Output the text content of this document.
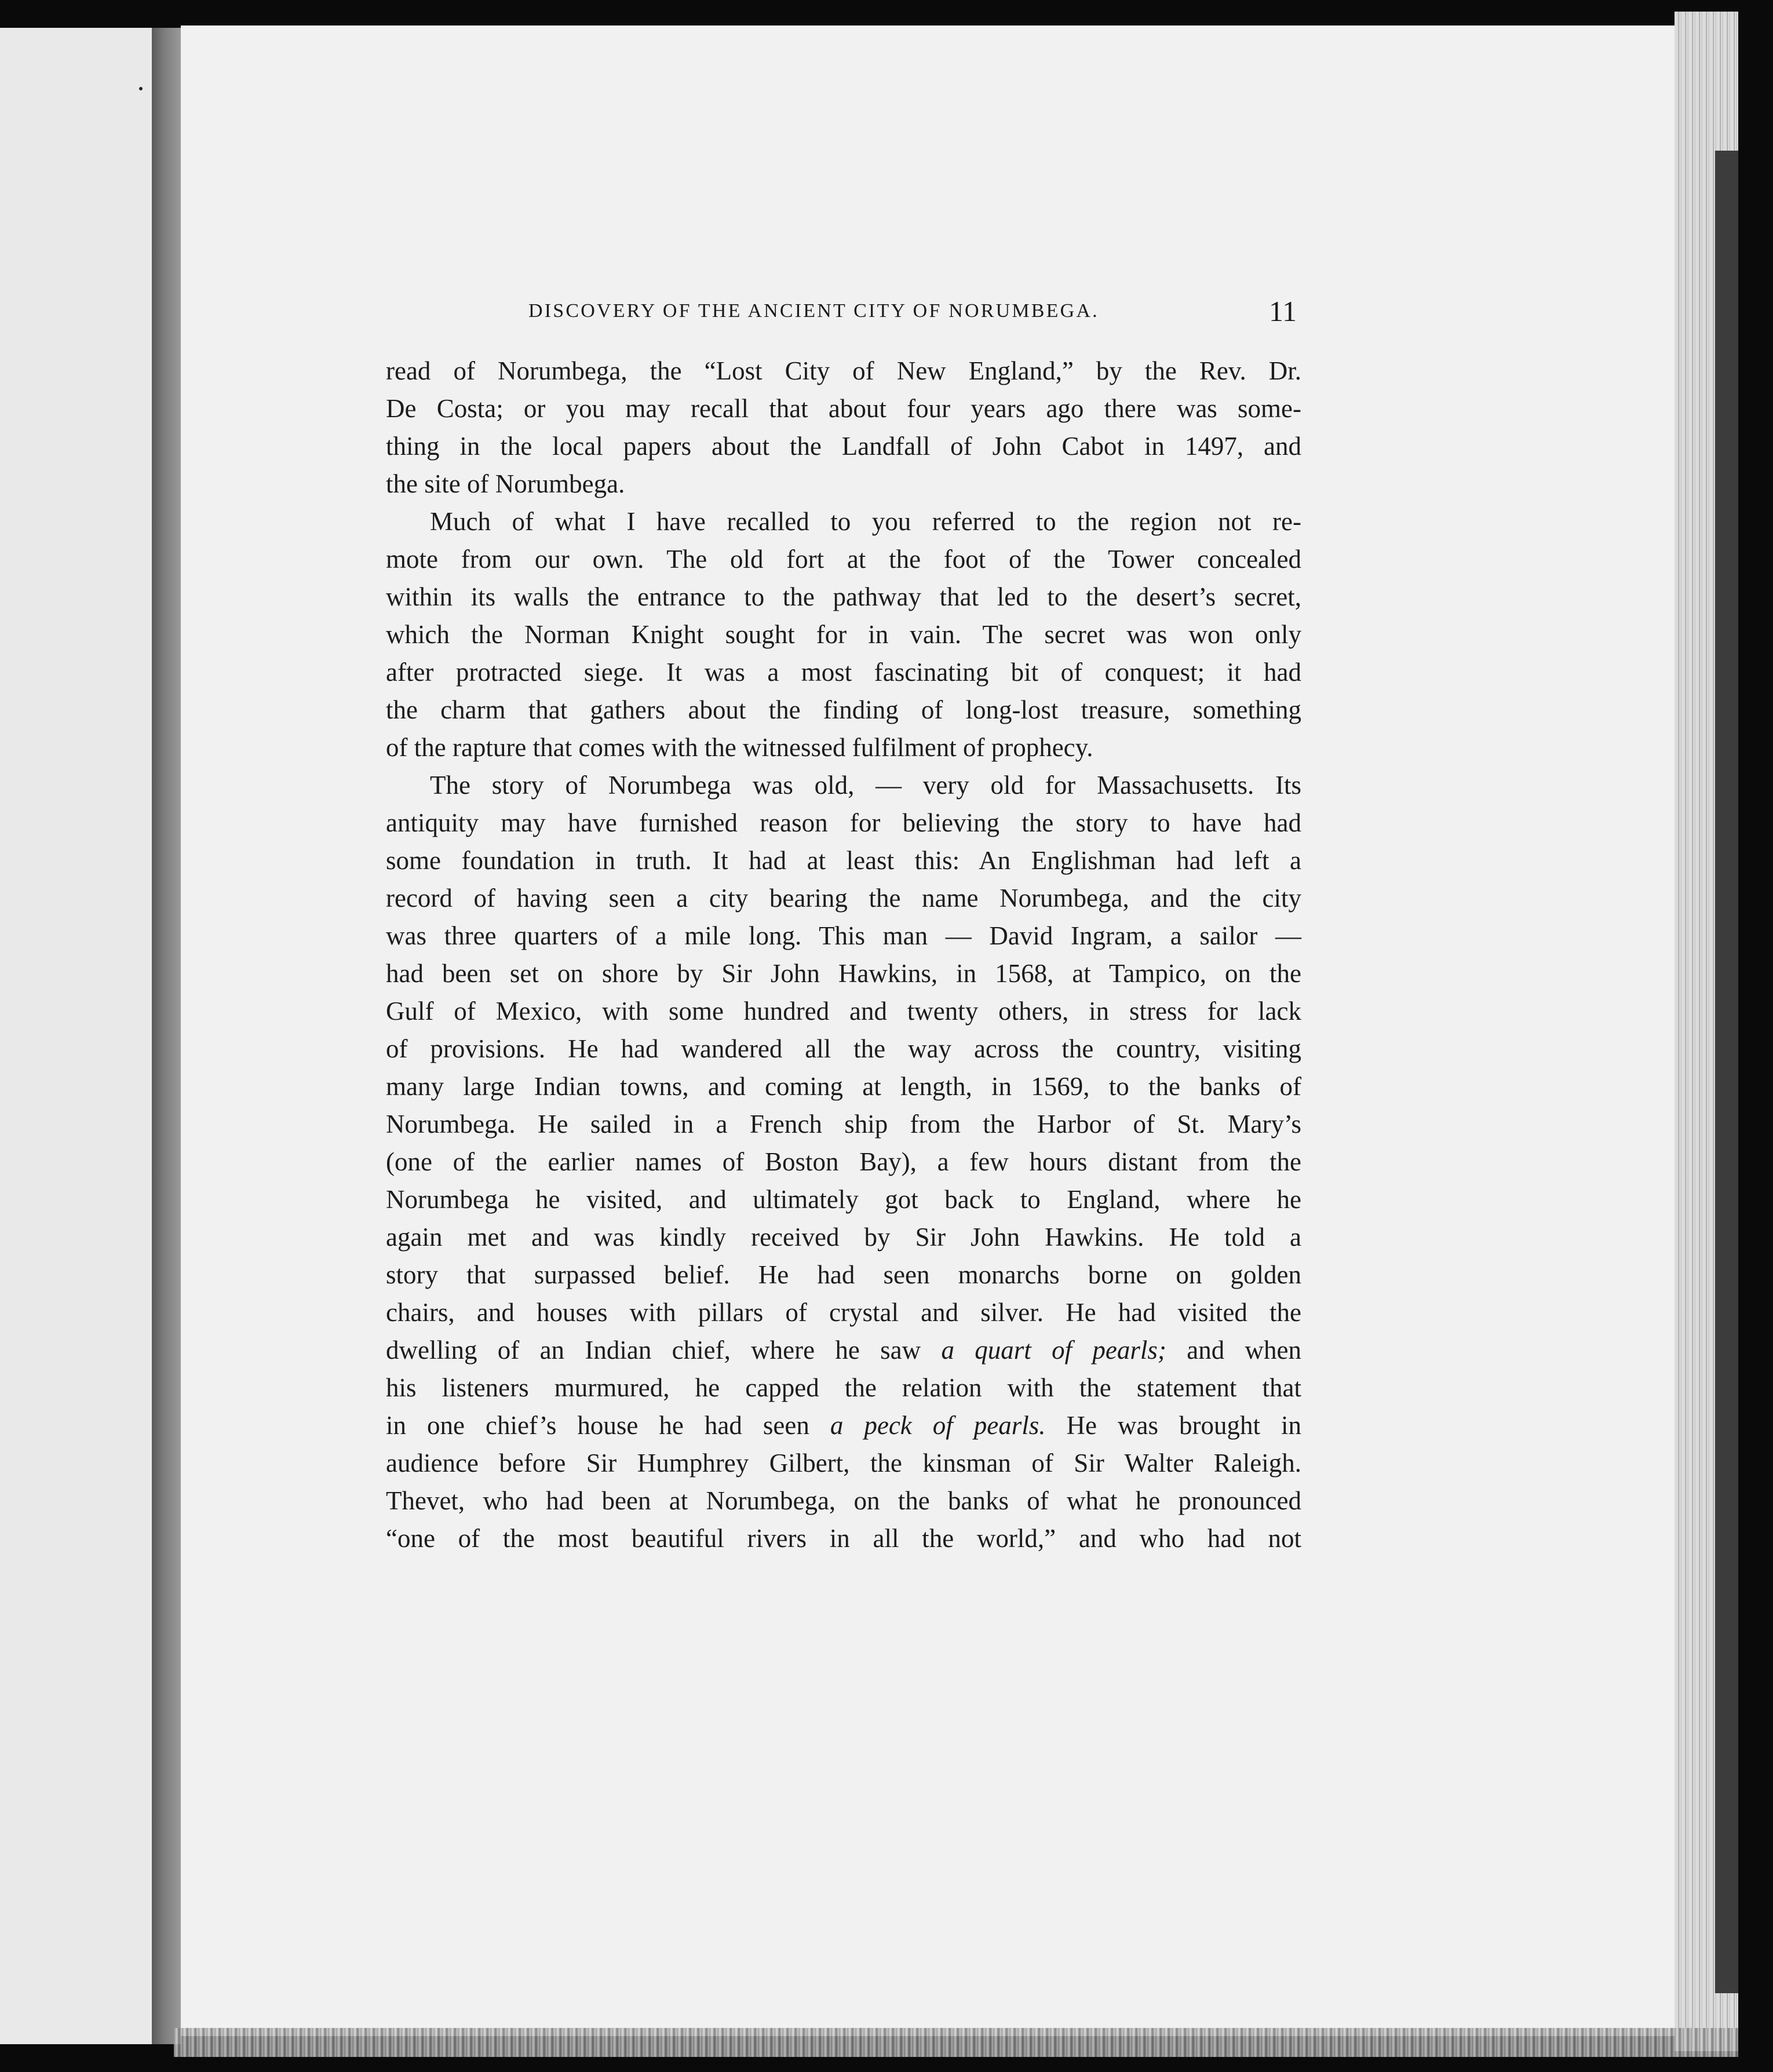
DISCOVERY OF THE ANCIENT CITY OF NORUMBEGA.	11
read of Norumbega, the “Lost City of New England,” by the Rev. Dr.
De Costa; or you may recall that about four years ago there was some-
thing in the local papers about the Landfall of John Cabot in 1497, and
the site of Norumbega.
Much of what I have recalled to you referred to the region not re-
mote from our own. The old fort at the foot of the Tower concealed
within its walls the entrance to the pathway that led to the desert’s secret,
which the Norman Knight sought for in vain. The secret was won only
after protracted siege. It was a most fascinating bit of conquest; it had
the charm that gathers about the finding of long-lost treasure, something
of the rapture that comes with the witnessed fulfilment of prophecy.
The story of Norumbega was old, — very old for Massachusetts. Its
antiquity may have furnished reason for believing the story to have had
some foundation in truth. It had at least this: An Englishman had left a
record of having seen a city bearing the name Norumbega, and the city
was three quarters of a mile long. This man — David Ingram, a sailor —
had been set on shore by Sir John Hawkins, in 1568, at Tampico, on the
Gulf of Mexico, with some hundred and twenty others, in stress for lack
of provisions. He had wandered all the way across the country, visiting
many large Indian towns, and coming at length, in 1569, to the banks of
Norumbega. He sailed in a French ship from the Harbor of St. Mary’s
(one of the earlier names of Boston Bay), a few hours distant from the
Norumbega he visited, and ultimately got back to England, where he
again met and was kindly received by Sir John Hawkins. He told a
story that surpassed belief. He had seen monarchs borne on golden
chairs, and houses with pillars of crystal and silver. He had visited the
dwelling of an Indian chief, where he saw a quart of pearls; and when
his listeners murmured, he capped the relation with the statement that
in one chief’s house he had seen a peck of pearls. He was brought in
audience before Sir Humphrey Gilbert, the kinsman of Sir Walter Raleigh.
Thevet, who had been at Norumbega, on the banks of what he pronounced
“one of the most beautiful rivers in all the world,” and who had not
